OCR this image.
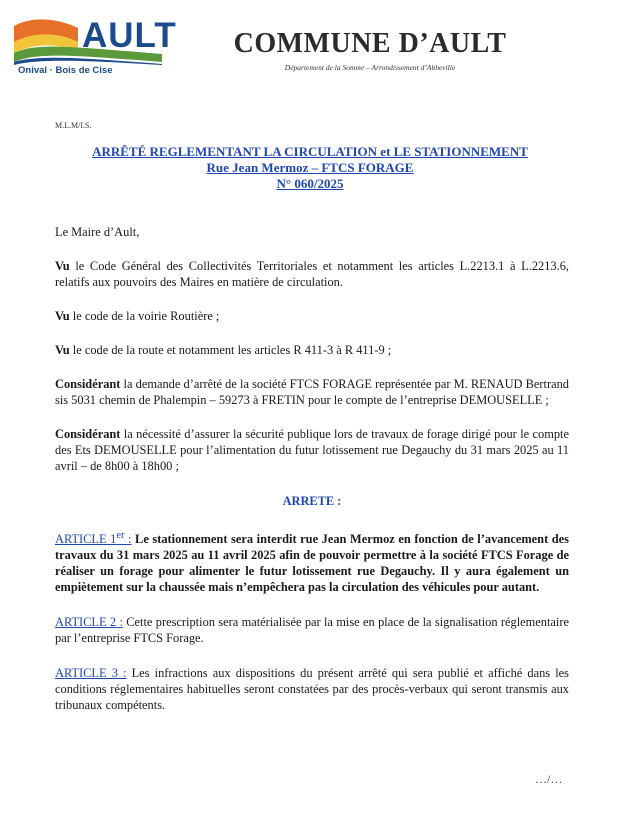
AULT
Onival · Bois de Cise
COMMUNE D’AULT
Département de la Somme – Arrondissement d’Abbeville
M.L.M/I.S.
ARRÊTÉ REGLEMENTANT LA CIRCULATION et LE STATIONNEMENT
Rue Jean Mermoz – FTCS FORAGE
N° 060/2025

Le Maire d’Ault,

Vu le Code Général des Collectivités Territoriales et notamment les articles L.2213.1 à L.2213.6, relatifs aux pouvoirs des Maires en matière de circulation.

Vu le code de la voirie Routière ;

Vu le code de la route et notamment les articles R 411-3 à R 411-9 ;

Considérant la demande d’arrêté de la société FTCS FORAGE représentée par M. RENAUD Bertrand sis 5031 chemin de Phalempin – 59273 à FRETIN pour le compte de l’entreprise DEMOUSELLE ;

Considérant la nécessité d’assurer la sécurité publique lors de travaux de forage dirigé pour le compte des Ets DEMOUSELLE pour l’alimentation du futur lotissement rue Degauchy du 31 mars 2025 au 11 avril – de 8h00 à 18h00 ;

ARRETE :

ARTICLE 1er : Le stationnement sera interdit rue Jean Mermoz en fonction de l’avancement des travaux du 31 mars 2025 au 11 avril 2025 afin de pouvoir permettre à la société FTCS Forage de réaliser un forage pour alimenter le futur lotissement rue Degauchy. Il y aura également un empiètement sur la chaussée mais n’empêchera pas la circulation des véhicules pour autant.

ARTICLE 2 : Cette prescription sera matérialisée par la mise en place de la signalisation réglementaire par l’entreprise FTCS Forage.

ARTICLE 3 : Les infractions aux dispositions du présent arrêté qui sera publié et affiché dans les conditions réglementaires habituelles seront constatées par des procès-verbaux qui seront transmis aux tribunaux compétents.

…/…
